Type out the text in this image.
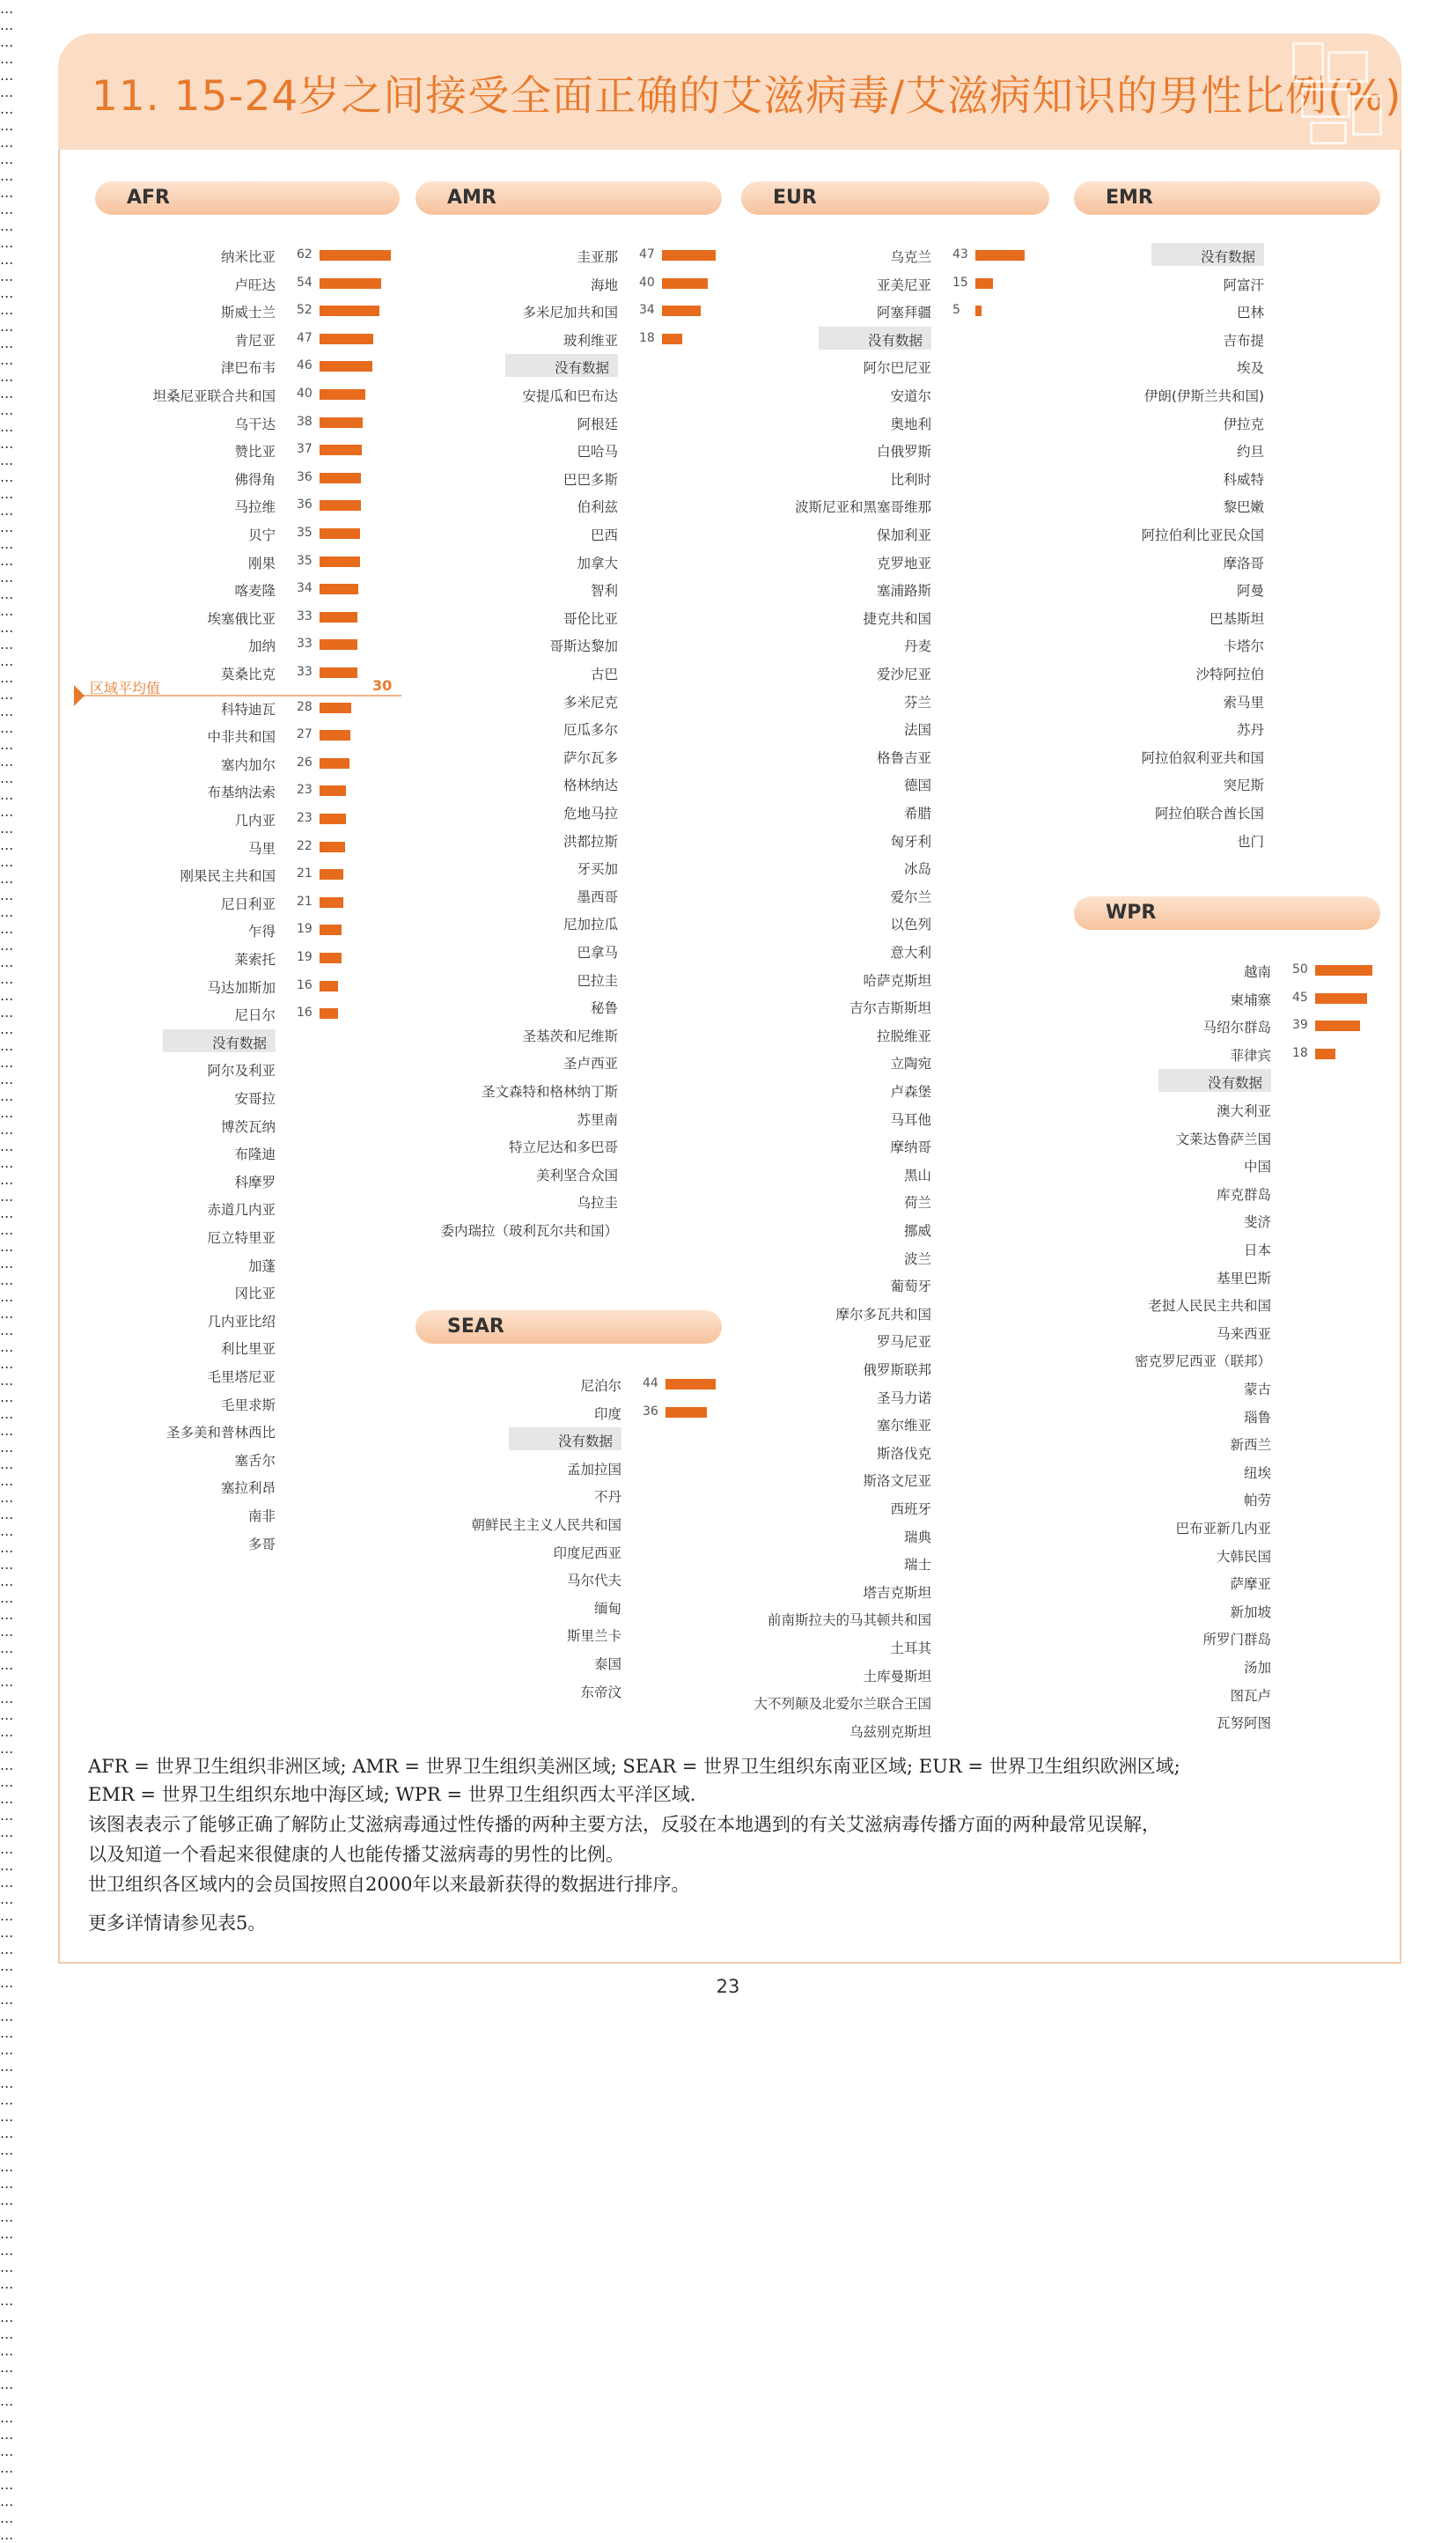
11. 15-24岁之间接受全面正确的艾滋病毒/艾滋病知识的男性比例(%)
AFR
纳米比亚 62
卢旺达 54
斯威士兰 52
肯尼亚 47
津巴布韦 46
坦桑尼亚联合共和国 40
乌干达 38
赞比亚 37
佛得角 36
马拉维 36
贝宁 35
刚果 35
喀麦隆 34
埃塞俄比亚 33
加纳 33
莫桑比克 33
区域平均值	30
科特迪瓦 28
中非共和国 27
塞内加尔 26
布基纳法索 23
几内亚 23
马里 22
刚果民主共和国 21
尼日利亚 21
乍得 19
莱索托 19
马达加斯加 16
尼日尔 16
没有数据
阿尔及利亚
...
安哥拉
...
博茨瓦纳
...
布隆迪
...
科摩罗
...
赤道几内亚
...
厄立特里亚
...
加蓬
...
冈比亚
...
几内亚比绍
...
利比里亚
...
毛里塔尼亚
...
毛里求斯
...
圣多美和普林西比
...
塞舌尔
...
塞拉利昂
...
南非
...
多哥
...
AMR
圭亚那 47
海地 40
多米尼加共和国 34
玻利维亚 18
没有数据
安提瓜和巴布达
...
阿根廷
...
巴哈马
...
巴巴多斯
...
伯利兹
...
巴西
...
加拿大
...
智利
...
哥伦比亚
...
哥斯达黎加
...
古巴
...
多米尼克
...
厄瓜多尔
...
萨尔瓦多
...
格林纳达
...
危地马拉
...
洪都拉斯
...
牙买加
...
墨西哥
...
尼加拉瓜
...
巴拿马
...
巴拉圭
...
秘鲁
...
圣基茨和尼维斯
...
圣卢西亚
...
圣文森特和格林纳丁斯
...
苏里南
...
特立尼达和多巴哥
...
美利坚合众国
...
乌拉圭
...
委内瑞拉（玻利瓦尔共和国）
...
SEAR
尼泊尔 44
印度 36
没有数据
孟加拉国
...
不丹
...
朝鲜民主主义人民共和国
...
印度尼西亚
...
马尔代夫
...
缅甸
...
斯里兰卡
...
泰国
...
东帝汶
...
EUR
乌克兰 43
亚美尼亚 15
阿塞拜疆 5
没有数据
阿尔巴尼亚
...
安道尔
...
奥地利
...
白俄罗斯
...
比利时
...
波斯尼亚和黑塞哥维那
...
保加利亚
...
克罗地亚
...
塞浦路斯
...
捷克共和国
...
丹麦
...
爱沙尼亚
...
芬兰
...
法国
...
格鲁吉亚
...
德国
...
希腊
...
匈牙利
...
冰岛
...
爱尔兰
...
以色列
...
意大利
...
哈萨克斯坦
...
吉尔吉斯斯坦
...
拉脱维亚
...
立陶宛
...
卢森堡
...
马耳他
...
摩纳哥
...
黑山
...
荷兰
...
挪威
...
波兰
...
葡萄牙
...
摩尔多瓦共和国
...
罗马尼亚
...
俄罗斯联邦
...
圣马力诺
...
塞尔维亚
...
斯洛伐克
...
斯洛文尼亚
...
西班牙
...
瑞典
...
瑞士
...
塔吉克斯坦
...
前南斯拉夫的马其顿共和国
...
土耳其
...
土库曼斯坦
...
大不列颠及北爱尔兰联合王国
...
乌兹别克斯坦
...
EMR
没有数据
阿富汗
...
巴林
...
吉布提
...
埃及
...
伊朗(伊斯兰共和国)
...
伊拉克
...
约旦
...
科威特
...
黎巴嫩
...
阿拉伯利比亚民众国
...
摩洛哥
...
阿曼
...
巴基斯坦
...
卡塔尔
...
沙特阿拉伯
...
索马里
...
苏丹
...
阿拉伯叙利亚共和国
...
突尼斯
...
阿拉伯联合酋长国
...
也门
...
WPR
越南 50
柬埔寨 45
马绍尔群岛 39
菲律宾 18
没有数据
澳大利亚
...
文莱达鲁萨兰国
...
中国
...
库克群岛
...
斐济
...
日本
...
基里巴斯
...
老挝人民民主共和国
...
马来西亚
...
密克罗尼西亚（联邦）
...
蒙古
...
瑙鲁
...
新西兰
...
纽埃
...
帕劳
...
巴布亚新几内亚
...
大韩民国
...
萨摩亚
...
新加坡
...
所罗门群岛
...
汤加
...
图瓦卢
...
瓦努阿图
...
AFR = 世界卫生组织非洲区域; AMR = 世界卫生组织美洲区域; SEAR = 世界卫生组织东南亚区域; EUR = 世界卫生组织欧洲区域;
EMR = 世界卫生组织东地中海区域; WPR = 世界卫生组织西太平洋区域.
该图表表示了能够正确了解防止艾滋病毒通过性传播的两种主要方法，反驳在本地遇到的有关艾滋病毒传播方面的两种最常见误解，
以及知道一个看起来很健康的人也能传播艾滋病毒的男性的比例。
世卫组织各区域内的会员国按照自2000年以来最新获得的数据进行排序。
更多详情请参见表5。
23
